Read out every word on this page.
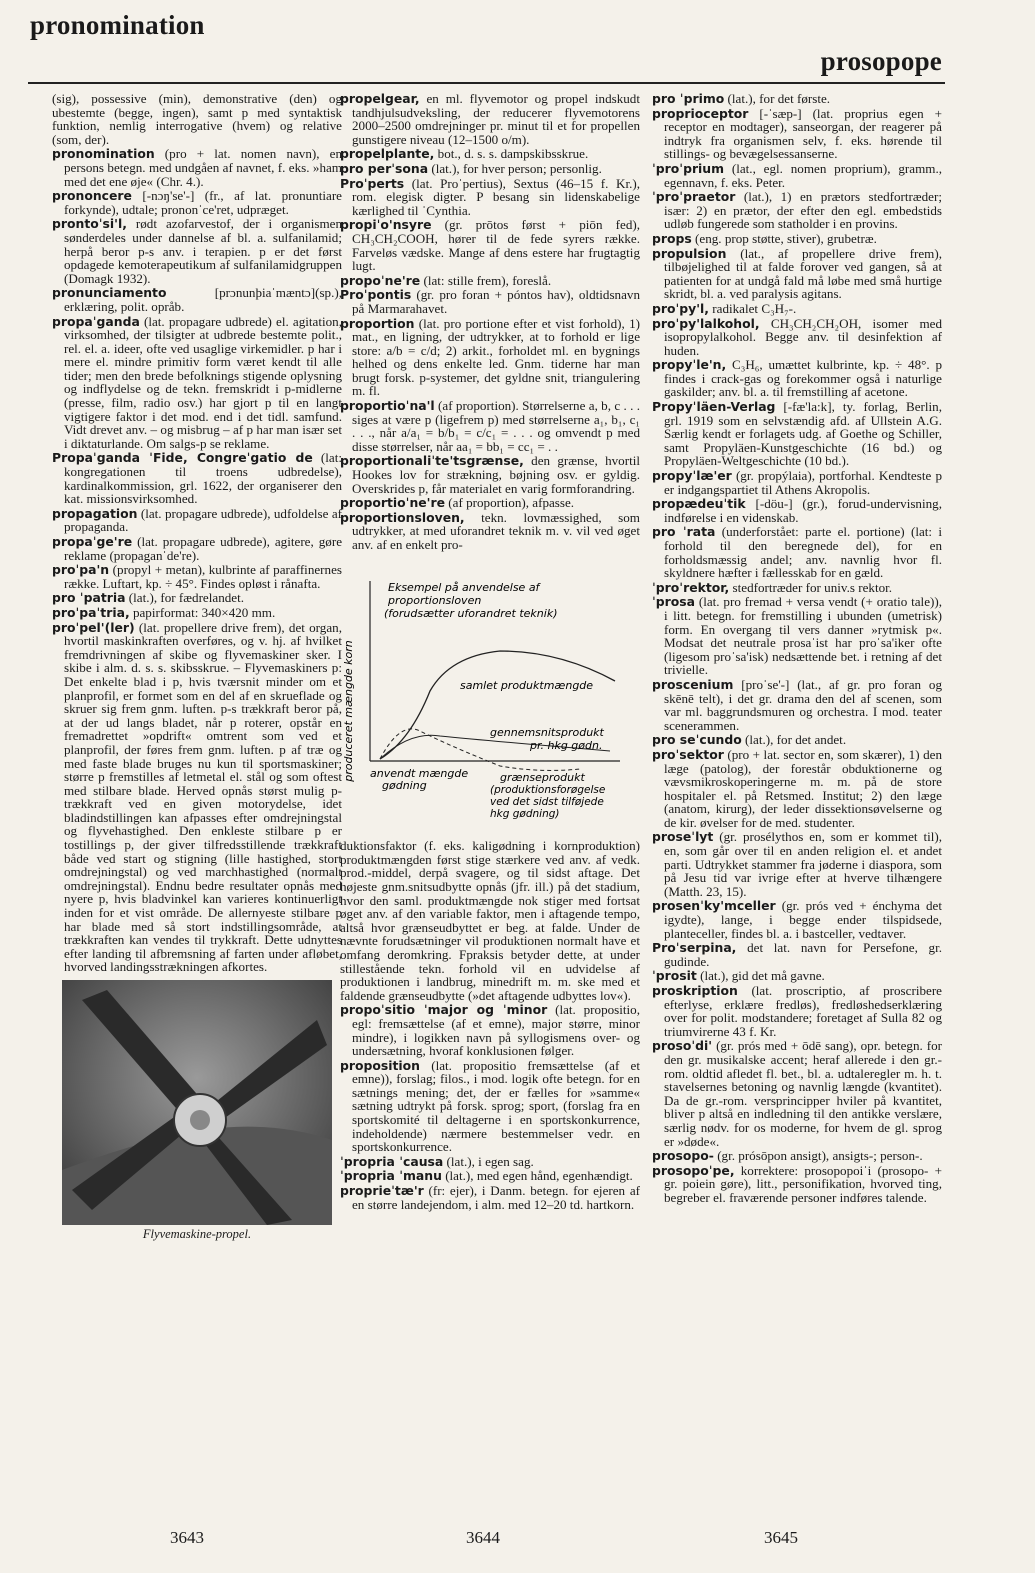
pronomination
prosopope
(sig), possessive (min), demonstrative (den) og ubestemte (begge, ingen), samt p med syntaktisk funktion, nemlig interrogative (hvem) og relative (som, der).
pronomination (pro + lat. nomen navn), en persons betegn. med undgåen af navnet, f. eks. »ham med det ene øje« (Chr. 4.).
prononcere [-nɔŋ'se'-] (fr., af lat. pronuntiare forkynde), udtale; prononˈce'ret, udpræget.
prontoˈsi'l, rødt azofarvestof, der i organismen sønderdeles under dannelse af bl. a. sulfanilamid; herpå beror p-s anv. i terapien. p er det først opdagede kemoterapeutikum af sulfanilamidgruppen (Domagk 1932).
pronunciamento	[prɔnunþiaˈmæntɔ](sp.), erklæring, polit. opråb.
propaˈganda (lat. propagare udbrede) el. agitation, virksomhed, der tilsigter at udbrede bestemte polit., rel. el. a. ideer, ofte ved usaglige virkemidler. p har i mere el. mindre primitiv form været kendt til alle tider; men den brede befolknings stigende oplysning og indflydelse og de tekn. fremskridt i p-midlerne (presse, film, radio osv.) har gjort p til en langt vigtigere faktor i det mod. end i det tidl. samfund. Vidt drevet anv. – og misbrug – af p har man især set i diktaturlande. Om salgs-p se reklame.
Propaˈganda ˈFide, Congreˈgatio de (lat: kongregationen til troens udbredelse), kardinalkommission, grl. 1622, der organiserer den kat. missionsvirksomhed.
propagation (lat. propagare udbrede), udfoldelse af propaganda.
propaˈge're (lat. propagare udbrede), agitere, gøre reklame (propaganˈde're).
proˈpa'n (propyl + metan), kulbrinte af paraffinernes række. Luftart, kp. ÷ 45°. Findes opløst i rånafta.
pro ˈpatria (lat.), for fædrelandet.
proˈpaˈtria, papirformat: 340×420 mm.
proˈpel'(ler) (lat. propellere drive frem), det organ, hvortil maskinkraften overføres, og v. hj. af hvilket fremdrivningen af skibe og flyvemaskiner sker. I skibe i alm. d. s. s. skibsskrue. – Flyvemaskiners p: Det enkelte blad i p, hvis tværsnit minder om et planprofil, er formet som en del af en skrueflade og skruer sig frem gnm. luften. p-s trækkraft beror på, at der ud langs bladet, når p roterer, opstår en fremadrettet »opdrift« omtrent som ved et planprofil, der føres frem gnm. luften. p af træ og med faste blade bruges nu kun til sportsmaskiner; større p fremstilles af letmetal el. stål og som oftest med stilbare blade. Herved opnås størst mulig p-trækkraft ved en given motorydelse, idet bladindstillingen kan afpasses efter omdrejningstal og flyvehastighed. Den enkleste stilbare p er tostillings p, der giver tilfredsstillende trækkraft både ved start og stigning (lille hastighed, stort omdrejningstal) og ved marchhastighed (normalt omdrejningstal). Endnu bedre resultater opnås med nyere p, hvis bladvinkel kan varieres kontinuerligt inden for et vist område. De allernyeste stilbare p har blade med så stort indstillingsområde, at trækkraften kan vendes til trykkraft. Dette udnyttes efter landing til afbremsning af farten under afløbet, hvorved landingsstrækningen afkortes.
Flyvemaskine-propel.
propelgear, en ml. flyvemotor og propel indskudt tandhjulsudveksling, der reducerer flyvemotorens 2000–2500 omdrejninger pr. minut til et for propellen gunstigere niveau (12–1500 o/m).
propelplante, bot., d. s. s. dampskibsskrue.
pro perˈsona (lat.), for hver person; personlig.
Proˈperts (lat. Proˈpertius), Sextus (46–15 f. Kr.), rom. elegisk digter. P besang sin lidenskabelige kærlighed til ˈCynthia.
propiˈo'nsyre (gr. prōtos først + piōn fed), CH₃CH₂COOH, hører til de fede syrers række. Farveløs vædske. Mange af dens estere har frugtagtig lugt.
propoˈne're (lat: stille frem), foreslå.
Proˈpontis (gr. pro foran + póntos hav), oldtidsnavn på Marmarahavet.
proportion (lat. pro portione efter et vist forhold), 1) mat., en ligning, der udtrykker, at to forhold er lige store: a/b = c/d; 2) arkit., forholdet ml. en bygnings helhed og dens enkelte led. Gnm. tiderne har man brugt forsk. p-systemer, det gyldne snit, triangulering m. fl.
proportioˈna'l (af proportion). Størrelserne a, b, c . . . siges at være p (ligefrem p) med størrelserne a₁, b₁, c₁ . . ., når a/a₁ = b/b₁ = c/c₁ = . . . og omvendt p med disse størrelser, når aa₁ = bb₁ = cc₁ = . .
proportionaliˈte'tsgrænse, den grænse, hvortil Hookes lov for strækning, bøjning osv. er gyldig. Overskrides p, får materialet en varig formforandring.
proportioˈne're (af proportion), afpasse.
proportionsloven, tekn. lovmæssighed, som udtrykker, at med uforandret teknik m. v. vil ved øget anv. af en enkelt pro-
produceret mængde korn
Eksempel på anvendelse af
proportionsloven
(forudsætter uforandret teknik)
samlet produktmængde
gennemsnitsprodukt
pr. hkg gødn.
anvendt mængde
gødning
grænseprodukt
(produktionsforøgelse
ved det sidst tilføjede
hkg gødning)
duktionsfaktor (f. eks. kaligødning i kornproduktion) produktmængden først stige stærkere ved anv. af vedk. prod.-middel, derpå svagere, og til sidst aftage. Det højeste gnm.snitsudbytte opnås (jfr. ill.) på det stadium, hvor den saml. produktmængde nok stiger med fortsat øget anv. af den variable faktor, men i aftagende tempo, altså hvor grænseudbyttet er beg. at falde. Under de nævnte forudsætninger vil produktionen normalt have et omfang deromkring. Fpraksis betyder dette, at under stillestående tekn. forhold vil en udvidelse af produktionen i landbrug, minedrift m. m. ske med et faldende grænseudbytte (»det aftagende udbyttes lov«).
propoˈsitio ˈmajor og ˈminor (lat. propositio, egl: fremsættelse (af et emne), major større, minor mindre), i logikken navn på syllogismens over- og undersætning, hvoraf konklusionen følger.
proposition (lat. propositio fremsættelse (af et emne)), forslag; filos., i mod. logik ofte betegn. for en sætnings mening; det, der er fælles for »samme« sætning udtrykt på forsk. sprog; sport, (forslag fra en sportskomité til deltagerne i en sportskonkurrence, indeholdende) nærmere bestemmelser vedr. en sportskonkurrence.
ˈpropria ˈcausa (lat.), i egen sag.
ˈpropria ˈmanu (lat.), med egen hånd, egenhændigt.
proprieˈtæ'r (fr: ejer), i Danm. betegn. for ejeren af en større landejendom, i alm. med 12–20 td. hartkorn.
pro ˈprimo (lat.), for det første.
proprioceptor [-ˈsæp-] (lat. proprius egen + receptor en modtager), sanseorgan, der reagerer på indtryk fra organismen selv, f. eks. hørende til stillings- og bevægelsessanserne.
ˈproˈprium (lat., egl. nomen proprium), gramm., egennavn, f. eks. Peter.
ˈproˈpraetor (lat.), 1) en prætors stedfortræder; især: 2) en prætor, der efter den egl. embedstids udløb fungerede som statholder i en provins.
props (eng. prop støtte, stiver), grubetræ.
propulsion (lat., af propellere drive frem), tilbøjelighed til at falde forover ved gangen, så at patienten for at undgå fald må løbe med små hurtige skridt, bl. a. ved paralysis agitans.
proˈpy'l, radikalet C₃H₇-.
proˈpy'lalkohol, CH₃CH₂CH₂OH, isomer med isopropylalkohol. Begge anv. til desinfektion af huden.
propyˈle'n, C₃H₆, umættet kulbrinte, kp. ÷ 48°. p findes i crack-gas og forekommer også i naturlige gaskilder; anv. bl. a. til fremstilling af acetone.
Propyˈläen-Verlag [-fæ'la:k], ty. forlag, Berlin, grl. 1919 som en selvstændig afd. af Ullstein A.G. Særlig kendt er forlagets udg. af Goethe og Schiller, samt Propyläen-Kunstgeschichte (16 bd.) og Propyläen-Weltgeschichte (10 bd.).
propyˈlæ'er (gr. propýlaia), portforhal. Kendteste p er indgangspartiet til Athens Akropolis.
propædeuˈtik [-döu-] (gr.), forud-undervisning, indførelse i en videnskab.
pro ˈrata (underforstået: parte el. portione) (lat: i forhold til den beregnede del), for en forholdsmæssig andel; anv. navnlig hvor fl. skyldnere hæfter i fællesskab for en gæld.
ˈproˈrektor, stedfortræder for univ.s rektor.
ˈprosa (lat. pro fremad + versa vendt (+ oratio tale)), i litt. betegn. for fremstilling i ubunden (umetrisk) form. En overgang til vers danner »rytmisk p«. Modsat det neutrale prosaˈist har proˈsa'iker ofte (ligesom proˈsa'isk) nedsættende bet. i retning af det trivielle.
proscenium [proˈse'-] (lat., af gr. pro foran og skēnē telt), i det gr. drama den del af scenen, som var ml. baggrundsmuren og orchestra. I mod. teater scenerammen.
pro seˈcundo (lat.), for det andet.
proˈsektor (pro + lat. sector en, som skærer), 1) den læge (patolog), der forestår obduktionerne og vævsmikroskoperingerne m. m. på de store hospitaler el. på Retsmed. Institut; 2) den læge (anatom, kirurg), der leder dissektionsøvelserne og de kir. øvelser for de med. studenter.
proseˈlyt (gr. prosélythos en, som er kommet til), en, som går over til en anden religion el. et andet parti. Udtrykket stammer fra jøderne i diaspora, som på Jesu tid var ivrige efter at hverve tilhængere (Matth. 23, 15).
prosenˈky'mceller (gr. prós ved + énchyma det igydte), lange, i begge ender tilspidsede, planteceller, findes bl. a. i bastceller, vedtaver.
Proˈserpina, det lat. navn for Persefone, gr. gudinde.
ˈprosit (lat.), gid det må gavne.
proskription (lat. proscriptio, af proscribere efterlyse, erklære fredløs), fredløshedserklæring over for polit. modstandere; foretaget af Sulla 82 og triumvirerne 43 f. Kr.
prosoˈdi' (gr. prós med + ōdē sang), opr. betegn. for den gr. musikalske accent; heraf allerede i den gr.-rom. oldtid afledet fl. bet., bl. a. udtaleregler m. h. t. stavelsernes betoning og navnlig længde (kvantitet). Da de gr.-rom. versprincipper hviler på kvantitet, bliver p altså en indledning til den antikke verslære, særlig nødv. for os moderne, for hvem de gl. sprog er »døde«.
prosopo- (gr. prósōpon ansigt), ansigts-; person-.
prosopoˈpe, korrektere: prosopopoiˈi (prosopo- + gr. poiein gøre), litt., personifikation, hvorved ting, begreber el. fraværende personer indføres talende.
3643	3644	3645
